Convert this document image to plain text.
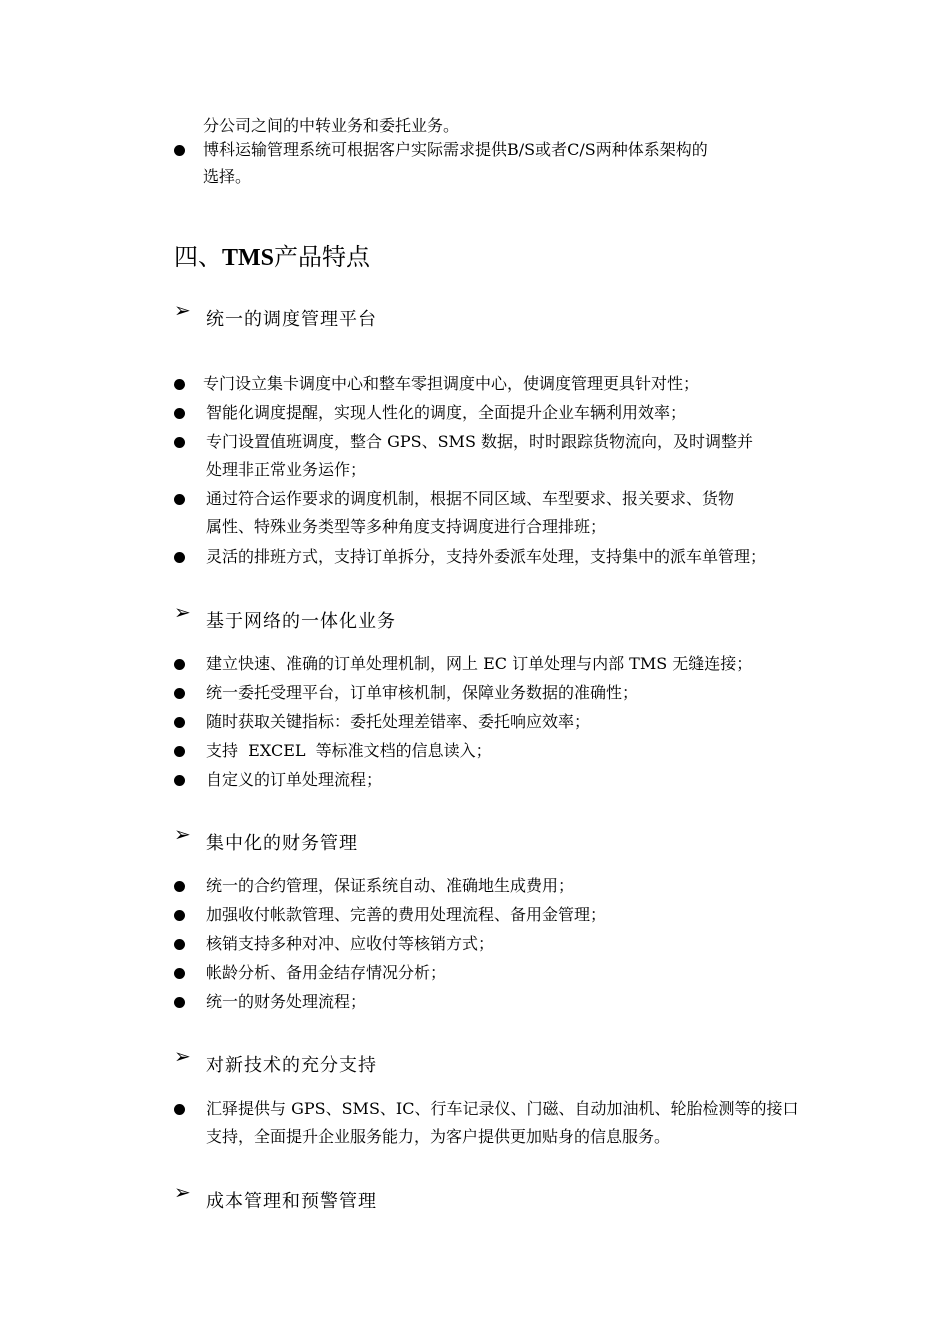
分公司之间的中转业务和委托业务。
博科运输管理系统可根据客户实际需求提供B/S或者C/S两种体系架构的
选择。
四、TMS产品特点
➢ 统一的调度管理平台
专门设立集卡调度中心和整车零担调度中心，使调度管理更具针对性；
智能化调度提醒，实现人性化的调度，全面提升企业车辆利用效率；
专门设置值班调度，整合 GPS、SMS 数据，时时跟踪货物流向，及时调整并
处理非正常业务运作；
通过符合运作要求的调度机制，根据不同区域、车型要求、报关要求、货物
属性、特殊业务类型等多种角度支持调度进行合理排班；
灵活的排班方式，支持订单拆分，支持外委派车处理，支持集中的派车单管理；
➢ 基于网络的一体化业务
建立快速、准确的订单处理机制，网上 EC 订单处理与内部 TMS 无缝连接；
统一委托受理平台，订单审核机制，保障业务数据的准确性；
随时获取关键指标：委托处理差错率、委托响应效率；
支持  EXCEL  等标准文档的信息读入；
自定义的订单处理流程；
➢ 集中化的财务管理
统一的合约管理，保证系统自动、准确地生成费用；
加强收付帐款管理、完善的费用处理流程、备用金管理；
核销支持多种对冲、应收付等核销方式；
帐龄分析、备用金结存情况分析；
统一的财务处理流程；
➢ 对新技术的充分支持
汇驿提供与 GPS、SMS、IC、行车记录仪、门磁、自动加油机、轮胎检测等的接口
支持，全面提升企业服务能力，为客户提供更加贴身的信息服务。
➢ 成本管理和预警管理
